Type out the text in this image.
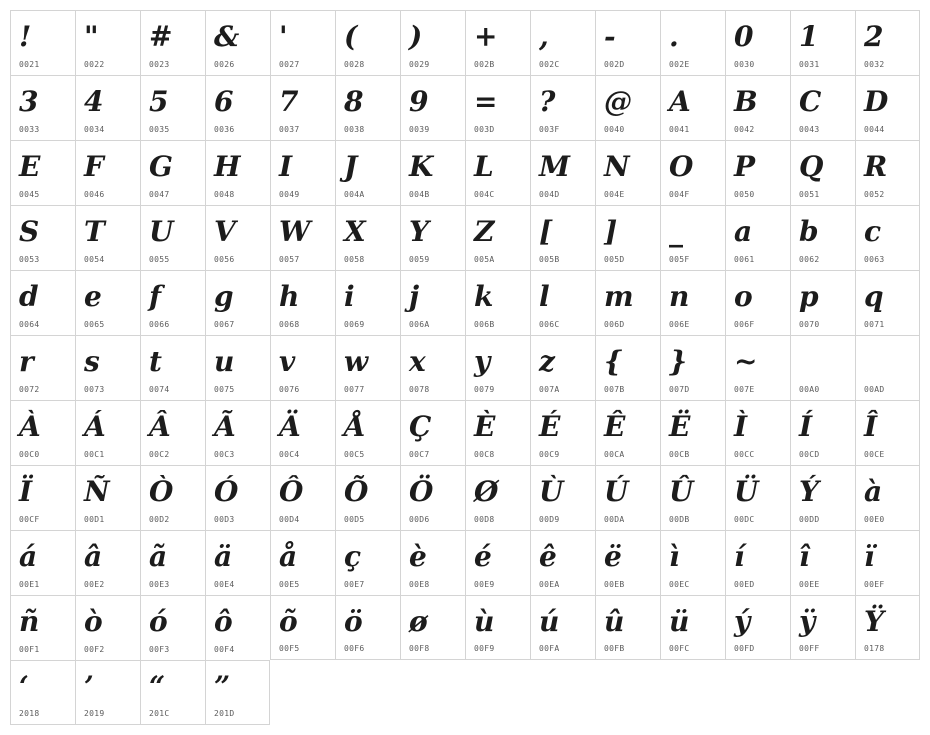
!
0021
"
0022
#
0023
&
0026
'
0027
(
0028
)
0029
+
002B
,
002C
-
002D
.
002E
0
0030
1
0031
2
0032
3
0033
4
0034
5
0035
6
0036
7
0037
8
0038
9
0039
=
003D
?
003F
@
0040
A
0041
B
0042
C
0043
D
0044
E
0045
F
0046
G
0047
H
0048
I
0049
J
004A
K
004B
L
004C
M
004D
N
004E
O
004F
P
0050
Q
0051
R
0052
S
0053
T
0054
U
0055
V
0056
W
0057
X
0058
Y
0059
Z
005A
[
005B
]
005D
_
005F
a
0061
b
0062
c
0063
d
0064
e
0065
f
0066
g
0067
h
0068
i
0069
j
006A
k
006B
l
006C
m
006D
n
006E
o
006F
p
0070
q
0071
r
0072
s
0073
t
0074
u
0075
v
0076
w
0077
x
0078
y
0079
z
007A
{
007B
}
007D
~
007E	00A0	00AD
À
00C0
Á
00C1
Â
00C2
Ã
00C3
Ä
00C4
Å
00C5
Ç
00C7
È
00C8
É
00C9
Ê
00CA
Ë
00CB
Ì
00CC
Í
00CD
Î
00CE
Ï
00CF
Ñ
00D1
Ò
00D2
Ó
00D3
Ô
00D4
Õ
00D5
Ö
00D6
Ø
00D8
Ù
00D9
Ú
00DA
Û
00DB
Ü
00DC
Ý
00DD
à
00E0
á
00E1
â
00E2
ã
00E3
ä
00E4
å
00E5
ç
00E7
è
00E8
é
00E9
ê
00EA
ë
00EB
ì
00EC
í
00ED
î
00EE
ï
00EF
ñ
00F1
ò
00F2
ó
00F3
ô
00F4
õ
00F5
ö
00F6
ø
00F8
ù
00F9
ú
00FA
û
00FB
ü
00FC
ý
00FD
ÿ
00FF
Ÿ
0178
‘
2018
’
2019
“
201C
”
201D
